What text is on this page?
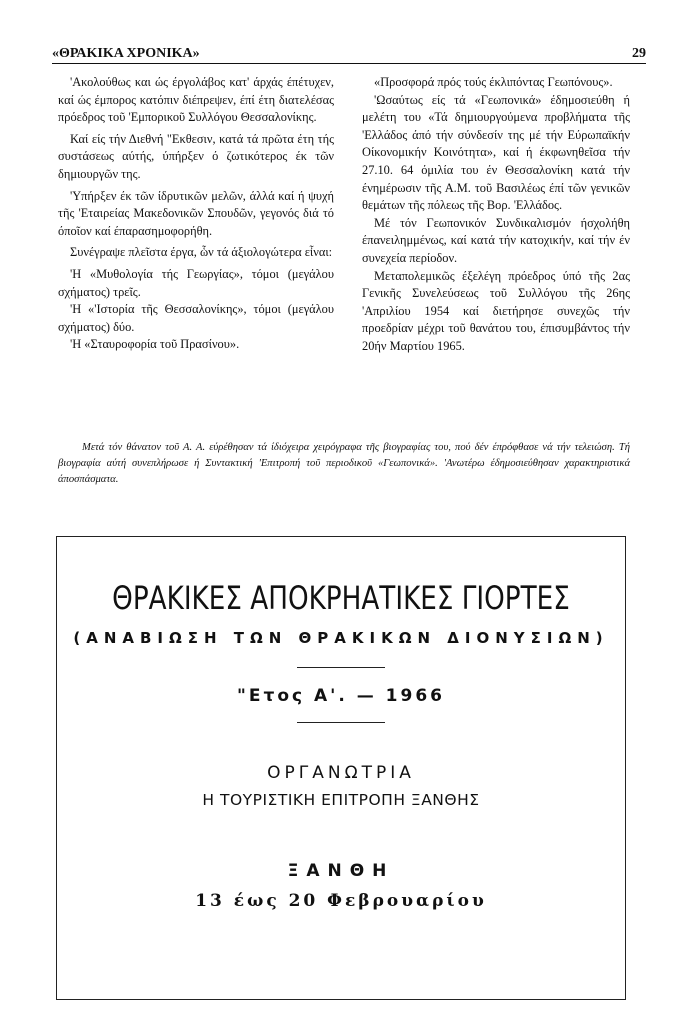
«ΘΡΑΚΙΚΑ ΧΡΟΝΙΚΑ»	29

'Ακολούθως και ώς έργολάβος κατ' άρχάς έπέτυχεν, καί ώς έμπορος κατόπιν διέπρεψεν, έπί έτη διατελέσας πρόεδρος τοῦ 'Εμπορικοῦ Συλλόγου Θεσσαλονίκης.

Καί είς τήν Διεθνή "Εκθεσιν, κατά τά πρῶτα έτη τής συστάσεως αύτής, ύπήρξεν ό ζωτικότερος έκ τῶν δημιουργῶν της.

'Υπήρξεν έκ τῶν ίδρυτικῶν μελῶν, άλλά καί ή ψυχή τῆς 'Εταιρείας Μακεδονικῶν Σπουδῶν, γεγονός διά τό όποῖον καί έπαρασημοφορήθη.

Συνέγραψε πλεῖστα έργα, ὧν τά άξιολογώτερα εἶναι:

'Η «Μυθολογία τής Γεωργίας», τόμοι (μεγάλου σχήματος) τρεῖς.

'Η «'Ιστορία τῆς Θεσσαλονίκης», τόμοι (μεγάλου σχήματος) δύο.

'Η «Σταυροφορία τοῦ Πρασίνου».

«Προσφορά πρός τούς έκλιπόντας Γεωπόνους».

'Ωσαύτως είς τά «Γεωπονικά» έδημοσιεύθη ή μελέτη του «Τά δημιουργούμενα προβλήματα τῆς 'Ελλάδος άπό τήν σύνδεσίν της μέ τήν Εύρωπαϊκήν Οίκονομικήν Κοινότητα», καί ή έκφωνηθεῖσα τήν 27.10. 64 όμιλία του έν Θεσσαλονίκη κατά τήν ένημέρωσιν τῆς Α.Μ. τοῦ Βασιλέως έπί τῶν γενικῶν θεμάτων τῆς πόλεως τῆς Βορ. 'Ελλάδος.

Μέ τόν Γεωπονικόν Συνδικαλισμόν ήσχολήθη έπανειλημμένως, καί κατά τήν κατοχικήν, καί τήν έν συνεχεία περίοδον.

Μεταπολεμικῶς έξελέγη πρόεδρος ύπό τῆς 2ας Γενικῆς Συνελεύσεως τοῦ Συλλόγου τῆς 26ης 'Απριλίου 1954 καί διετήρησε συνεχῶς τήν προεδρίαν μέχρι τοῦ θανάτου του, έπισυμβάντος τήν 20ήν Μαρτίου 1965.

Μετά τόν θάνατον τοῦ Α. Α. εύρέθησαν τά ίδιόχειρα χειρόγραφα τῆς βιογραφίας του, πού δέν έπρόφθασε νά τήν τελειώση. Τή βιογραφία αύτή συνεπλήρωσε ή Συντακτική 'Επιτροπή τοῦ περιοδικοῦ «Γεωπονικά». 'Ανωτέρω έδημοσιεύθησαν χαρακτηριστικά άποσπάσματα.

ΘΡΑΚΙΚΕΣ ΑΠΟΚΡΗΑΤΙΚΕΣ ΓΙΟΡΤΕΣ
(ΑΝΑΒΙΩΣΗ ΤΩΝ ΘΡΑΚΙΚΩΝ ΔΙΟΝΥΣΙΩΝ)
"Ετος Α'. — 1966
ΟΡΓΑΝΩΤΡΙΑ
Η ΤΟΥΡΙΣΤΙΚΗ ΕΠΙΤΡΟΠΗ ΞΑΝΘΗΣ
ΞΑΝΘΗ
13 έως 20 Φεβρουαρίου
